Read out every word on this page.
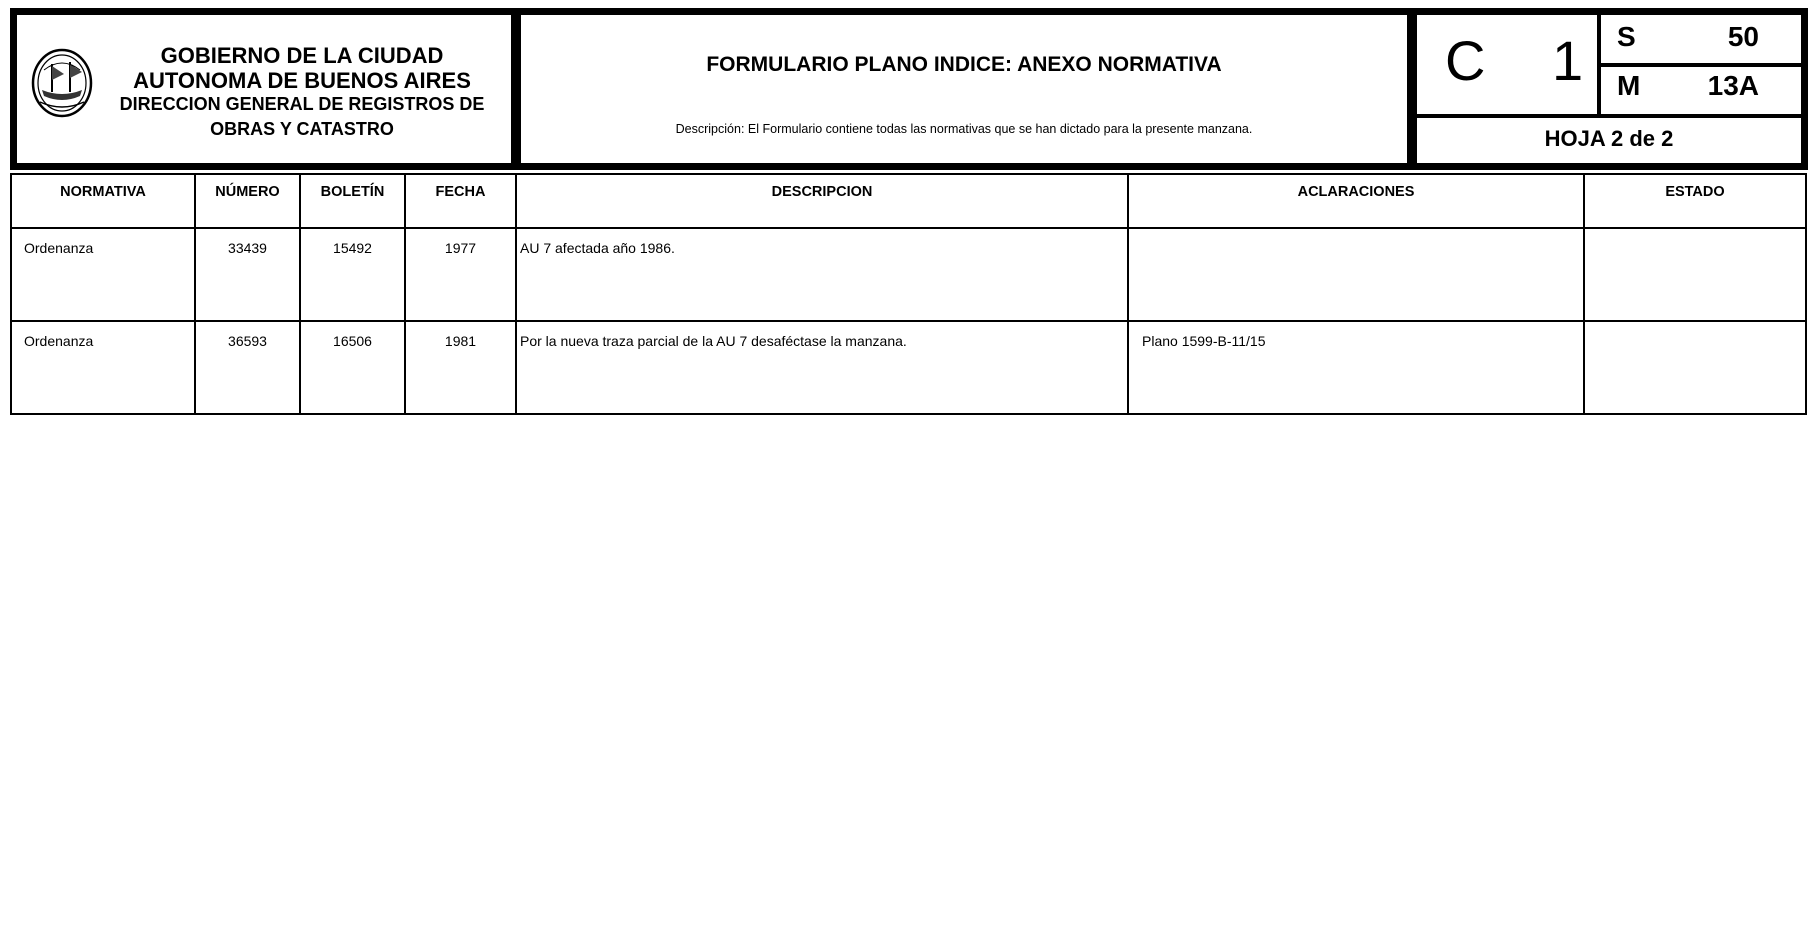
GOBIERNO DE LA CIUDAD
AUTONOMA DE BUENOS AIRES
DIRECCION GENERAL DE REGISTROS DE
OBRAS Y CATASTRO
FORMULARIO PLANO INDICE: ANEXO NORMATIVA
Descripción: El Formulario contiene todas las normativas que se han dictado para la presente manzana.
C 1 S	50
M 13A
HOJA 2 de 2
NORMATIVA	NÚMERO	BOLETÍN	FECHA	DESCRIPCION	ACLARACIONES	ESTADO
Ordenanza	33439	15492	1977	AU 7 afectada año 1986.		
Ordenanza	36593	16506	1981	Por la nueva traza parcial de la AU 7 desaféctase la manzana.	Plano 1599-B-11/15	
